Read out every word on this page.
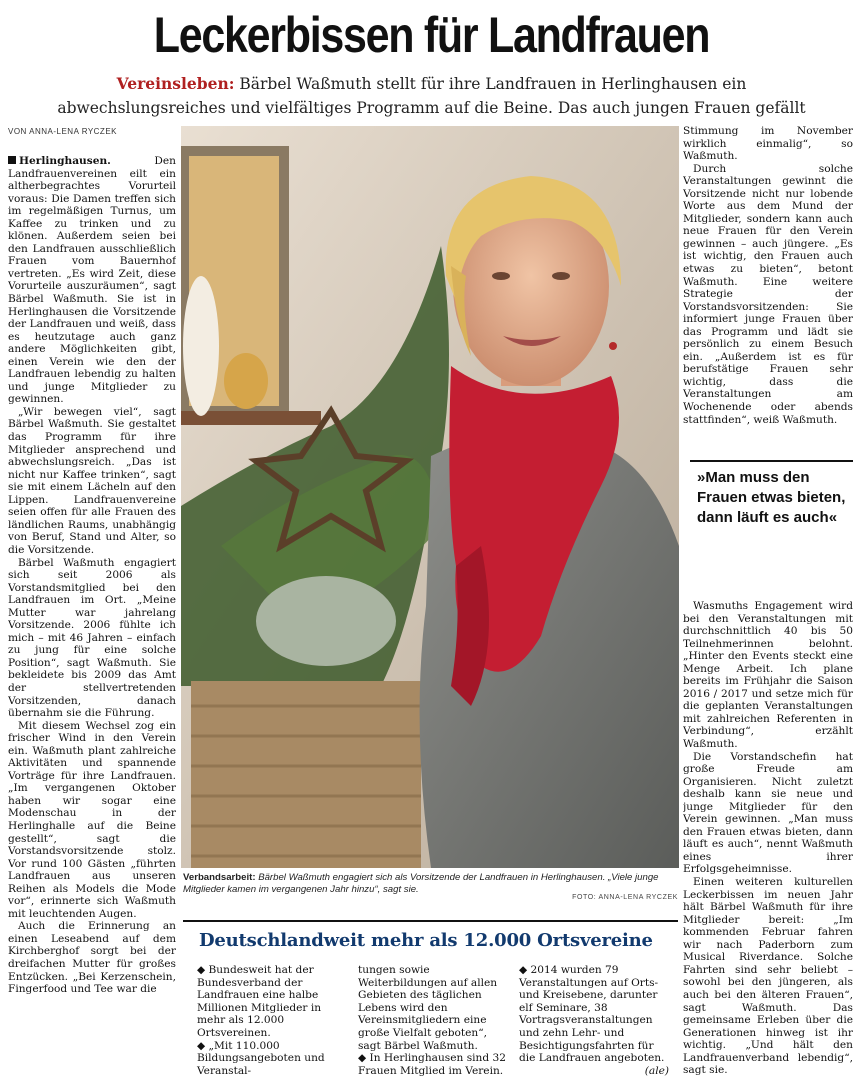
Leckerbissen für Landfrauen
Vereinsleben: Bärbel Waßmuth stellt für ihre Landfrauen in Herlinghausen ein abwechslungsreiches und vielfältiges Programm auf die Beine. Das auch jungen Frauen gefällt
VON ANNA-LENA RYCZEK

Herlinghausen.	Den Landfrauenvereinen eilt ein altherbegrachtes Vorurteil voraus: Die Damen treffen sich im regelmäßigen Turnus, um Kaffee zu trinken und zu klönen. Außerdem seien bei den Landfrauen ausschließlich Frauen vom Bauernhof vertreten. „Es wird Zeit, diese Vorurteile auszuräumen“, sagt Bärbel Waßmuth. Sie ist in Herlinghausen die Vorsitzende der Landfrauen und weiß, dass es heutzutage auch ganz andere Möglichkeiten gibt, einen Verein wie den der Landfrauen lebendig zu halten und junge Mitglieder zu gewinnen.

„Wir bewegen viel“, sagt Bärbel Waßmuth. Sie gestaltet das Programm für ihre Mitglieder ansprechend und abwechslungsreich. „Das ist nicht nur Kaffee trinken“, sagt sie mit einem Lächeln auf den Lippen. Landfrauenvereine seien offen für alle Frauen des ländlichen Raums, unabhängig von Beruf, Stand und Alter, so die Vorsitzende.

Bärbel Waßmuth engagiert sich seit 2006 als Vorstandsmitglied bei den Landfrauen im Ort. „Meine Mutter war jahrelang Vorsitzende. 2006 fühlte ich mich – mit 46 Jahren – einfach zu jung für eine solche Position“, sagt Waßmuth. Sie bekleidete bis 2009 das Amt der stellvertretenden Vorsitzenden, danach übernahm sie die Führung.

Mit diesem Wechsel zog ein frischer Wind in den Verein ein. Waßmuth plant zahlreiche Aktivitäten und spannende Vorträge für ihre Landfrauen. „Im vergangenen Oktober haben wir sogar eine Modenschau in der Herlinghalle auf die Beine gestellt“, sagt die Vorstandsvorsitzende stolz. Vor rund 100 Gästen „führten Landfrauen aus unseren Reihen als Models die Mode vor“, erinnerte sich Waßmuth mit leuchtenden Augen.

Auch die Erinnerung an einen Leseabend auf dem Kirchberghof sorgt bei der dreifachen Mutter für großes Entzücken. „Bei Kerzenschein, Fingerfood und Tee war die

Verbandsarbeit: Bärbel Waßmuth engagiert sich als Vorsitzende der Landfrauen in Herlinghausen. „Viele junge Mitglieder kamen im vergangenen Jahr hinzu“, sagt sie.
FOTO: ANNA-LENA RYCZEK

Stimmung im November wirklich einmalig“, so Waßmuth.

Durch solche Veranstaltungen gewinnt die Vorsitzende nicht nur lobende Worte aus dem Mund der Mitglieder, sondern kann auch neue Frauen für den Verein gewinnen – auch jüngere. „Es ist wichtig, den Frauen auch etwas zu bieten“, betont Waßmuth. Eine weitere Strategie der Vorstandsvorsitzenden: Sie informiert junge Frauen über das Programm und lädt sie persönlich zu einem Besuch ein. „Außerdem ist es für berufstätige Frauen sehr wichtig, dass die Veranstaltungen am Wochenende oder abends stattfinden“, weiß Waßmuth.

Wasmuths Engagement wird bei den Veranstaltungen mit durchschnittlich 40 bis 50 Teilnehmerinnen belohnt. „Hinter den Events steckt eine Menge Arbeit. Ich plane bereits im Frühjahr die Saison 2016 / 2017 und setze mich für die geplanten Veranstaltungen mit zahlreichen Referenten in Verbindung“, erzählt Waßmuth.

Die Vorstandschefin hat große Freude am Organisieren. Nicht zuletzt deshalb kann sie neue und junge Mitglieder für den Verein gewinnen. „Man muss den Frauen etwas bieten, dann läuft es auch“, nennt Waßmuth eines ihrer Erfolgsgeheimnisse.

Einen weiteren kulturellen Leckerbissen im neuen Jahr hält Bärbel Waßmuth für ihre Mitglieder bereit: „Im kommenden Februar fahren wir nach Paderborn zum Musical Riverdance. Solche Fahrten sind sehr beliebt – sowohl bei den jüngeren, als auch bei den älteren Frauen“, sagt Waßmuth. Das gemeinsame Erleben über die Generationen hinweg ist ihr wichtig. „Und hält den Landfrauenverband lebendig“, sagt sie.

»Man muss den Frauen etwas bieten, dann läuft es auch«
Deutschlandweit mehr als 12.000 Ortsvereine

◆ Bundesweit hat der Bundesverband der Landfrauen eine halbe Millionen Mitglieder in mehr als 12.000 Ortsvereinen.

◆ „Mit 110.000 Bildungsangeboten und Veranstal-

tungen sowie Weiterbildungen auf allen Gebieten des täglichen Lebens wird den Vereinsmitgliedern eine große Vielfalt geboten“, sagt Bärbel Waßmuth.

◆ In Herlinghausen sind 32 Frauen Mitglied im Verein.

◆ 2014 wurden 79 Veranstaltungen auf Orts- und Kreisebene, darunter elf Seminare, 38 Vortragsveranstaltungen und zehn Lehr- und Besichtigungsfahrten für die Landfrauen angeboten.

(ale)
